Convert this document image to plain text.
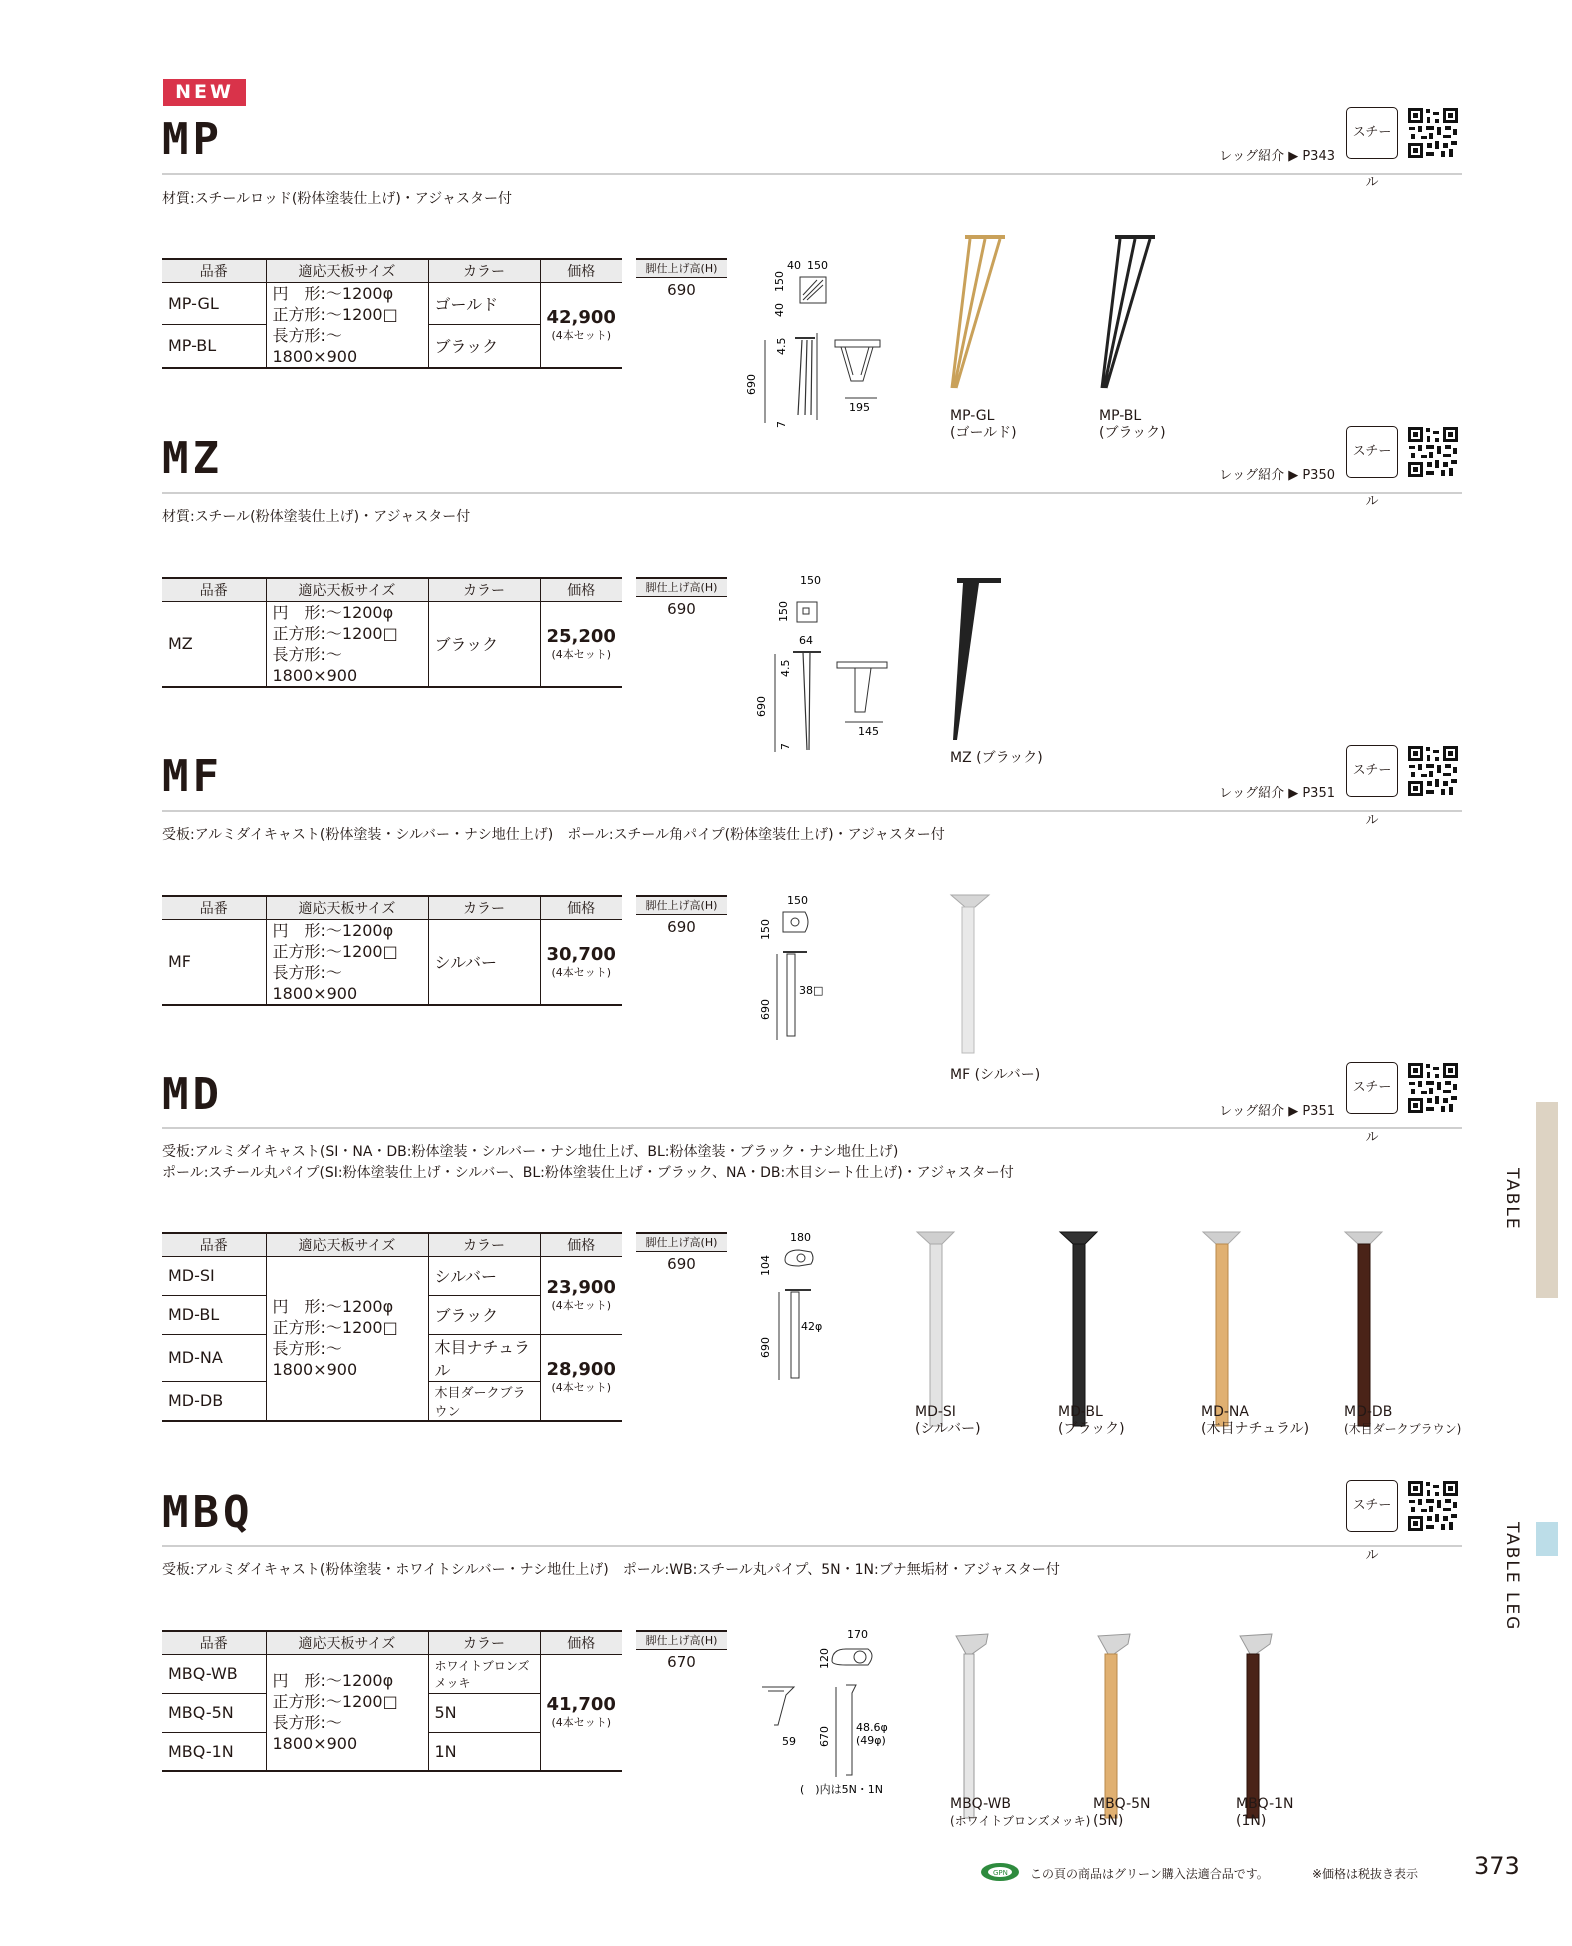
NEW
MP	レッグ紹介 ▶ P343
スチール
材質:スチールロッド(粉体塗装仕上げ)・アジャスター付
品番	適応天板サイズ	カラー	価格
MP-GL	円　形:～1200φ
正方形:～1200□
長方形:～1800×900	ゴールド	42,900
(4本セット)

MP-BL		ブラック	
脚仕上げ高(H)
690
40 150
150
40
4.5
690
7
195
MP-GL
(ゴールド)
MP-BL
(ブラック)
MZ	レッグ紹介 ▶ P350
スチール
材質:スチール(粉体塗装仕上げ)・アジャスター付
品番	適応天板サイズ	カラー	価格
MZ	円　形:～1200φ
正方形:～1200□
長方形:～1800×900	ブラック	25,200
(4本セット)
脚仕上げ高(H)
690
150
150
64
4.5
690
7
145
MZ (ブラック)
MF	レッグ紹介 ▶ P351
スチール
受板:アルミダイキャスト(粉体塗装・シルバー・ナシ地仕上げ)　ポール:スチール角パイプ(粉体塗装仕上げ)・アジャスター付
品番	適応天板サイズ	カラー	価格
MF	円　形:～1200φ
正方形:～1200□
長方形:～1800×900	シルバー	30,700
(4本セット)
脚仕上げ高(H)
690
150
150
38□
690
MF (シルバー)
MD	レッグ紹介 ▶ P351
スチール
受板:アルミダイキャスト(SI・NA・DB:粉体塗装・シルバー・ナシ地仕上げ、BL:粉体塗装・ブラック・ナシ地仕上げ)
ポール:スチール丸パイプ(SI:粉体塗装仕上げ・シルバー、BL:粉体塗装仕上げ・ブラック、NA・DB:木目シート仕上げ)・アジャスター付
品番	適応天板サイズ	カラー	価格
MD-SI	円　形:～1200φ
正方形:～1200□
長方形:～1800×900	シルバー	23,900
(4本セット)

MD-BL		ブラック	
MD-NA		木目ナチュラル	28,900
(4本セット)

MD-DB		木目ダークブラウン	
脚仕上げ高(H)
690
180
104
42φ
690
MD-SI
(シルバー)
MD-BL
(ブラック)
MD-NA
(木目ナチュラル)
MD-DB
(木目ダークブラウン)
MBQ	スチール
受板:アルミダイキャスト(粉体塗装・ホワイトシルバー・ナシ地仕上げ)　ポール:WB:スチール丸パイプ、5N・1N:ブナ無垢材・アジャスター付
品番	適応天板サイズ	カラー	価格
MBQ-WB	円　形:～1200φ
正方形:～1200□
長方形:～1800×900	ホワイトブロンズメッキ	41,700
(4本セット)

MBQ-5N		5N	
MBQ-1N		1N	
脚仕上げ高(H)
670
170
120
59 670 48.6φ
(49φ)
(　)内は5N・1N
MBQ-WB
(ホワイトブロンズメッキ)
MBQ-5N
(5N)
MBQ-1N
(1N)
TABLE
TABLE LEG
GPN この頁の商品はグリーン購入法適合品です。	※価格は税抜き表示 373
